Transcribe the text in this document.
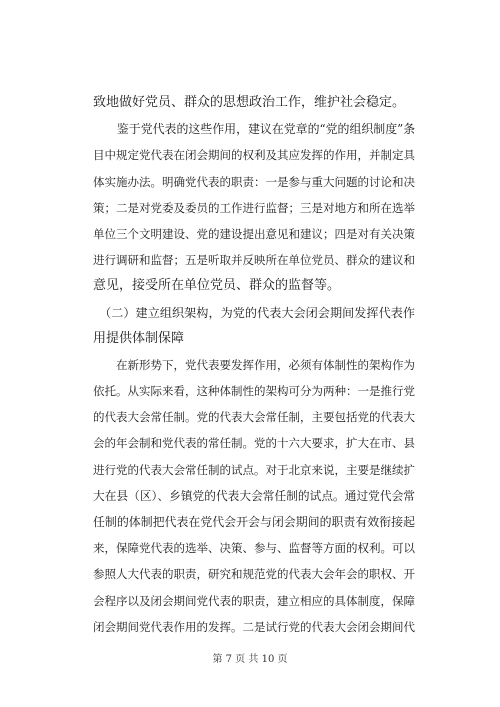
致地做好党员、群众的思想政治工作，维护社会稳定。
　　鉴于党代表的这些作用，建议在党章的“党的组织制度”条
目中规定党代表在闭会期间的权利及其应发挥的作用，并制定具
体实施办法。明确党代表的职责：一是参与重大问题的讨论和决
策；二是对党委及委员的工作进行监督；三是对地方和所在选举
单位三个文明建设、党的建设提出意见和建议；四是对有关决策
进行调研和监督；五是听取并反映所在单位党员、群众的建议和
意见，接受所在单位党员、群众的监督等。
　（二）建立组织架构，为党的代表大会闭会期间发挥代表作
用提供体制保障
　　在新形势下，党代表要发挥作用，必须有体制性的架构作为
依托。从实际来看，这种体制性的架构可分为两种：一是推行党
的代表大会常任制。党的代表大会常任制，主要包括党的代表大
会的年会制和党代表的常任制。党的十六大要求，扩大在市、县
进行党的代表大会常任制的试点。对于北京来说，主要是继续扩
大在县（区）、乡镇党的代表大会常任制的试点。通过党代会常
任制的体制把代表在党代会开会与闭会期间的职责有效衔接起
来，保障党代表的选举、决策、参与、监督等方面的权利。可以
参照人大代表的职责，研究和规范党的代表大会年会的职权、开
会程序以及闭会期间党代表的职责，建立相应的具体制度，保障
闭会期间党代表作用的发挥。二是试行党的代表大会闭会期间代
第 7 页 共 10 页
